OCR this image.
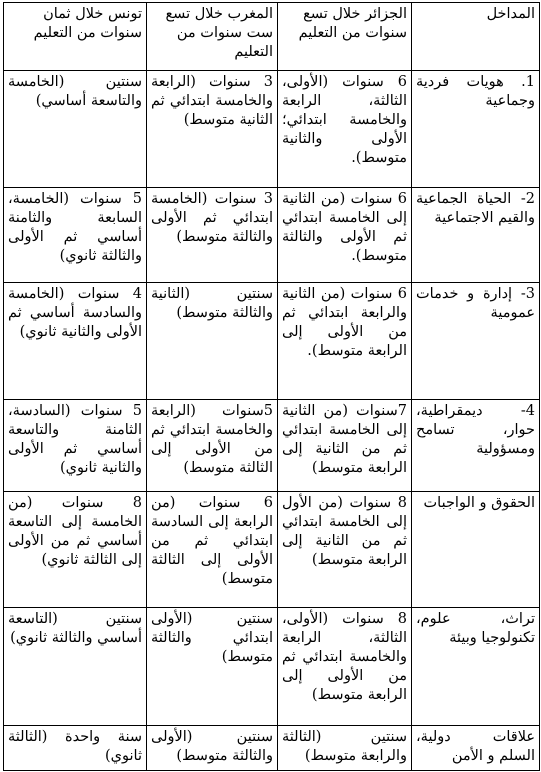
المداخل	الجزائر خلال تسع سنوات من التعليم	المغرب خلال تسع ست سنوات من التعليم	تونس خلال ثمان سنوات من التعليم
1. هويات فردية وجماعية	6 سنوات (الأولى، الثالثة، الرابعة والخامسة ابتدائي؛ الأولى والثانية متوسط).	3 سنوات (الرابعة والخامسة ابتدائي ثم الثانية متوسط)	سنتين (الخامسة والتاسعة أساسي)
2- الحياة الجماعية والقيم الاجتماعية	6 سنوات (من الثانية إلى الخامسة ابتدائي ثم الأولى والثالثة متوسط).	3 سنوات (الخامسة ابتدائي ثم الأولى والثالثة متوسط)	5 سنوات (الخامسة، السابعة والثامنة أساسي ثم الأولى والثالثة ثانوي)
3- إدارة و خدمات عمومية	6 سنوات (من الثانية والرابعة ابتدائي ثم من الأولى إلى الرابعة متوسط).	سنتين (الثانية والثالثة متوسط)	4 سنوات (الخامسة والسادسة أساسي ثم الأولى والثانية ثانوي)
4- ديمقراطية، حوار، تسامح ومسؤولية	7سنوات (من الثانية إلى الخامسة ابتدائي ثم من الثانية إلى الرابعة متوسط)	5سنوات (الرابعة والخامسة ابتدائي ثم من الأولى إلى الثالثة متوسط)	5 سنوات (السادسة، الثامنة والتاسعة أساسي ثم الأولى والثانية ثانوي)
الحقوق و الواجبات	8 سنوات (من الأول إلى الخامسة ابتدائي ثم من الثانية إلى الرابعة متوسط)	6 سنوات (من الرابعة إلى السادسة ابتدائي ثم من الأولى إلى الثالثة متوسط)	8 سنوات (من الخامسة إلى التاسعة أساسي ثم من الأولى إلى الثالثة ثانوي)
تراث، علوم، تكنولوجيا وبيئة	8 سنوات (الأولى، الثالثة، الرابعة والخامسة ابتدائي ثم من الأولى إلى الرابعة متوسط)	سنتين (الأولى ابتدائي والثالثة متوسط)	سنتين (التاسعة أساسي والثالثة ثانوي)
علاقات دولية، السلم و الأمن	سنتين (الثالثة والرابعة متوسط)	سنتين (الأولى والثالثة متوسط)	سنة واحدة (الثالثة ثانوي)
